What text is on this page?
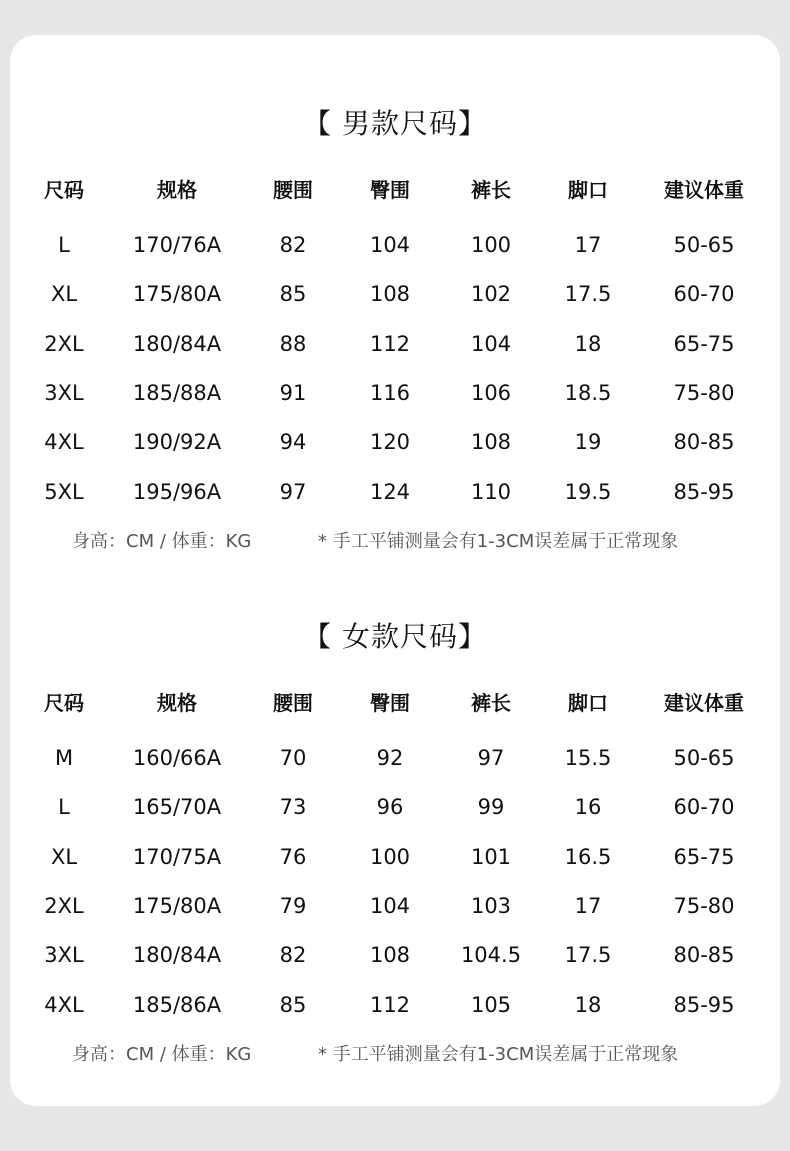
【 男款尺码】
尺码	规格	腰围	臀围	裤长	脚口	建议体重
L	170/76A	82	104	100	17	50-65
XL	175/80A	85	108	102	17.5	60-70
2XL	180/84A	88	112	104	18	65-75
3XL	185/88A	91	116	106	18.5	75-80
4XL	190/92A	94	120	108	19	80-85
5XL	195/96A	97	124	110	19.5	85-95
身高：CM / 体重：KG	* 手工平铺测量会有1-3CM误差属于正常现象
【 女款尺码】
尺码	规格	腰围	臀围	裤长	脚口	建议体重
M	160/66A	70	92	97	15.5	50-65
L	165/70A	73	96	99	16	60-70
XL	170/75A	76	100	101	16.5	65-75
2XL	175/80A	79	104	103	17	75-80
3XL	180/84A	82	108	104.5	17.5	80-85
4XL	185/86A	85	112	105	18	85-95
身高：CM / 体重：KG	* 手工平铺测量会有1-3CM误差属于正常现象
